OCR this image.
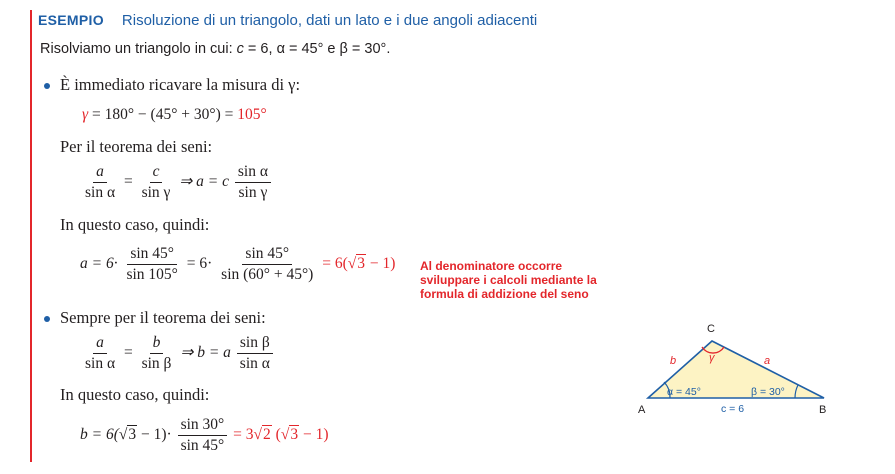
ESEMPIO Risoluzione di un triangolo, dati un lato e i due angoli adiacenti
Risolviamo un triangolo in cui: c = 6, α = 45° e β = 30°.
È immediato ricavare la misura di γ:
γ = 180° − (45° + 30°) = 105°
Per il teorema dei seni:
$\frac{a}{\text{sin α}} = \frac{c}{\text{sin γ}}$ ⇒ a = c $\frac{\text{sin α}}{\text{sin γ}}$
In questo caso, quindi:
$a = 6\cdot \frac{\sin 45^\circ}{\sin 105^\circ} = 6\cdot \frac{\sin 45^\circ}{\sin (60^\circ + 45^\circ)} = 6(√3 - 1)$ Al denominatore occorre sviluppare i calcoli mediante la formula di addizione del seno
Sempre per il teorema dei seni:
$\frac{a}{\text{sin α}} = \frac{b}{\text{sin β}}$ ⇒ b = a $\frac{\text{sin β}}{\text{sin α}}$
In questo caso, quindi:
$b = 6(√3 - 1)\cdot \frac{\sin 30^\circ}{\sin 45^\circ} = 3√2$ (√3 − 1)
A	B
C
b	a
c = 6
α = 45°	β = 30°
γ
